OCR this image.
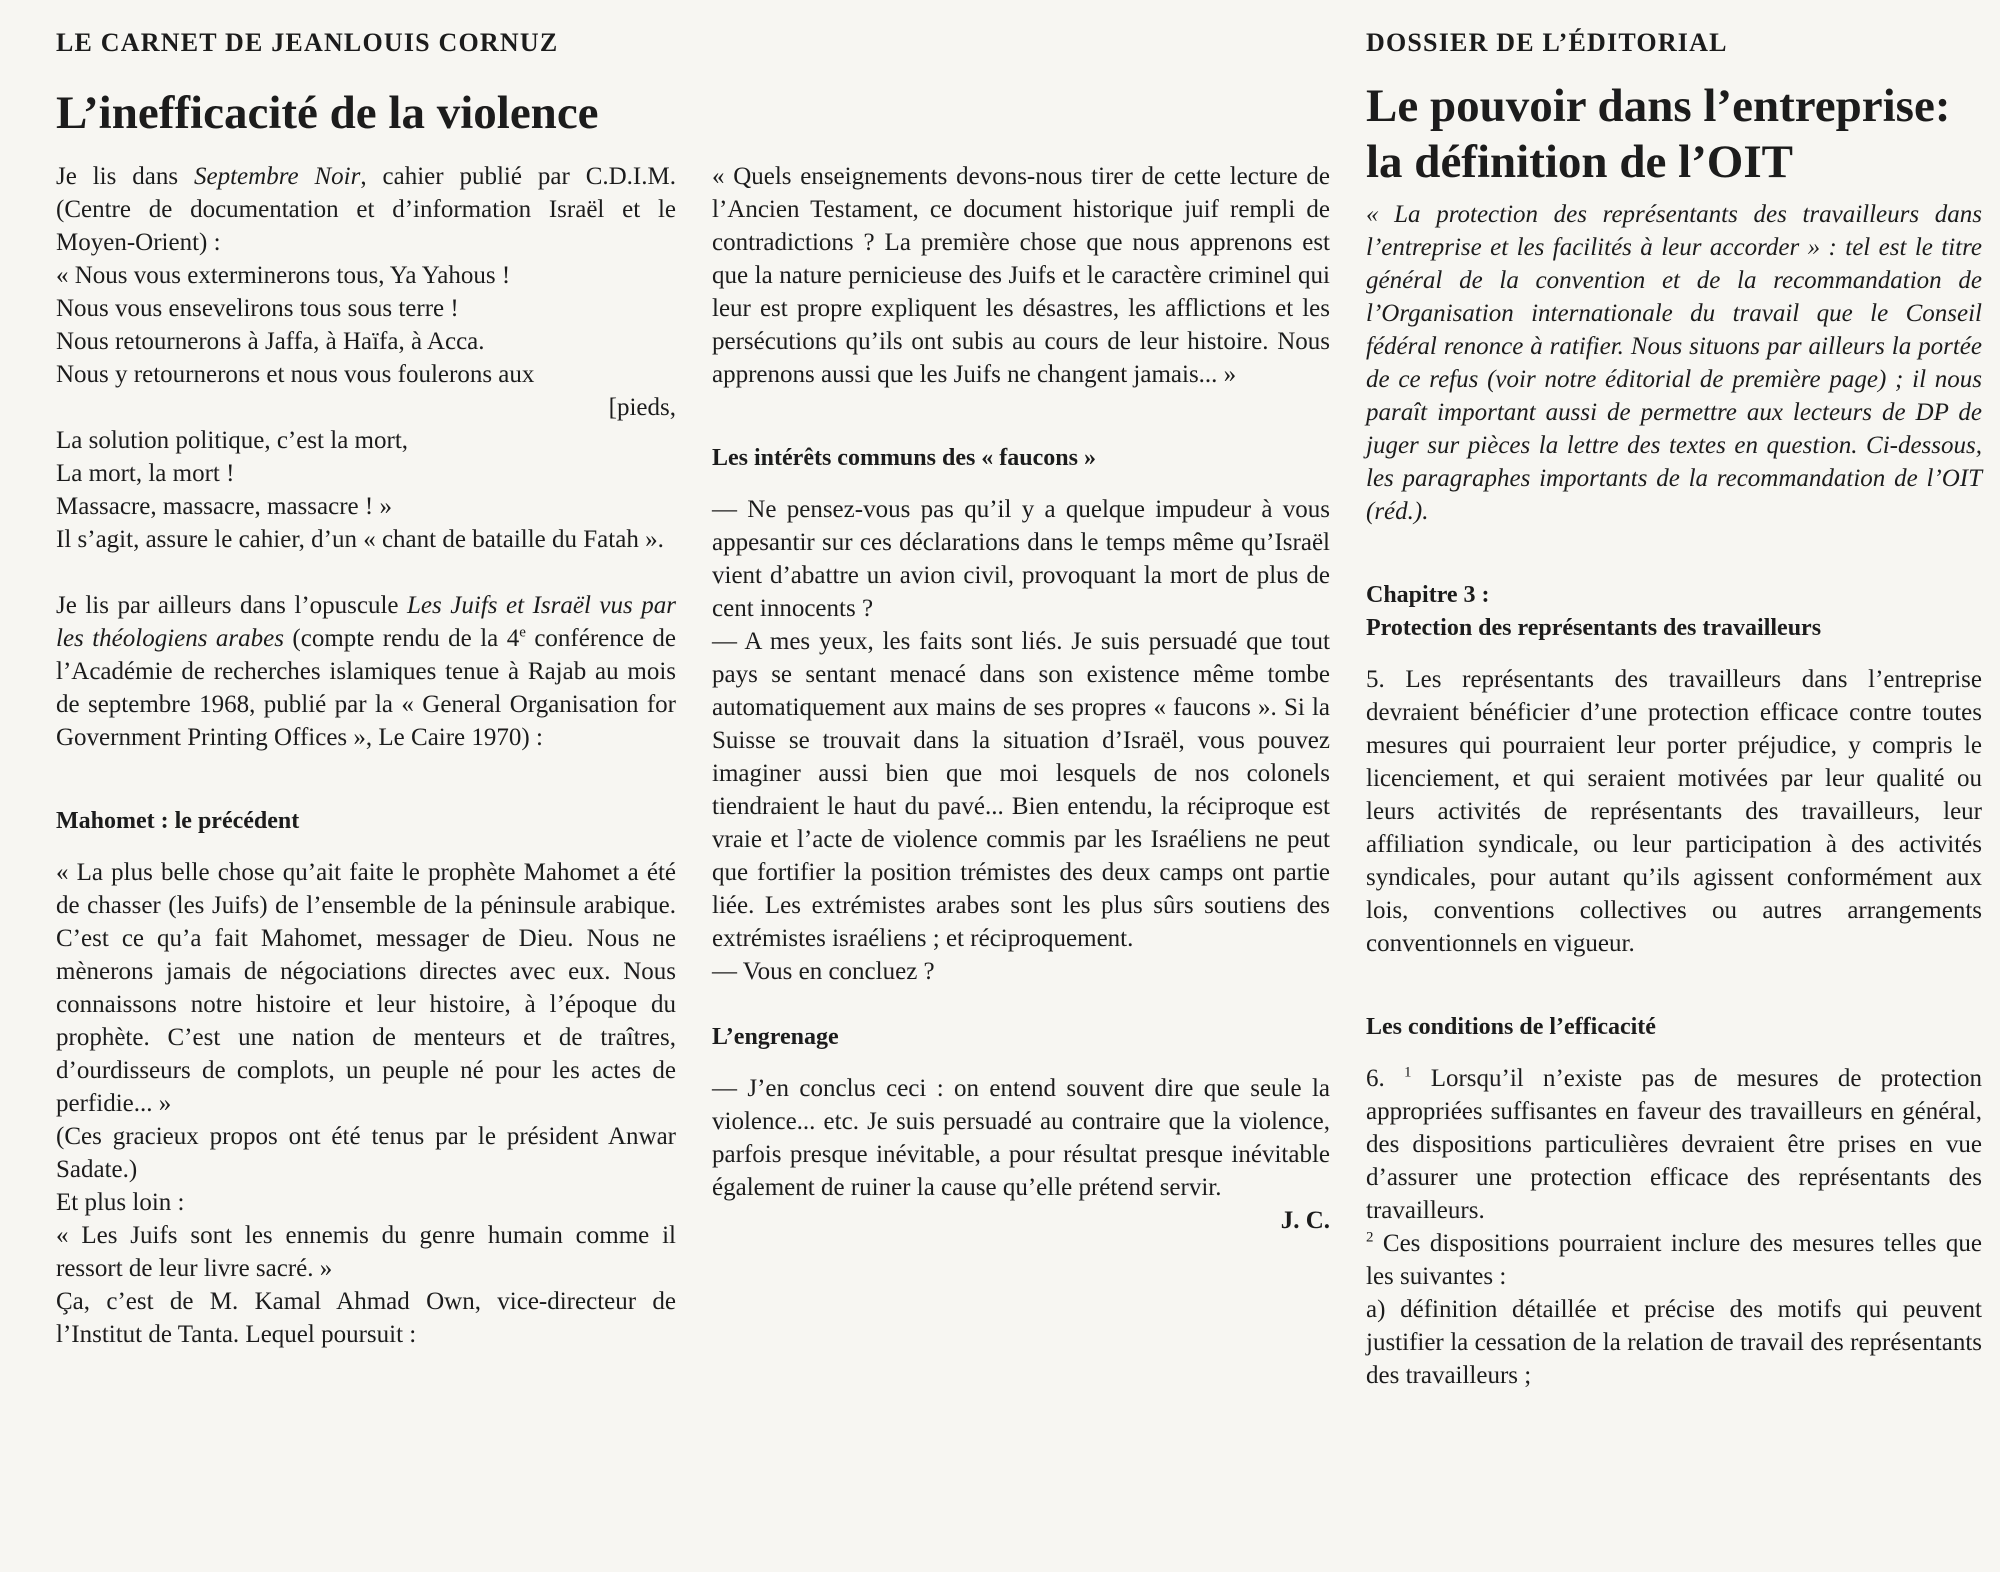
LE CARNET DE JEANLOUIS CORNUZ
L’inefficacité de la violence

Je lis dans Septembre Noir, cahier publié par C.D.I.M. (Centre de documentation et d’information Israël et le Moyen-Orient) :

« Nous vous exterminerons tous, Ya Yahous !
Nous vous ensevelirons tous sous terre !
Nous retournerons à Jaffa, à Haïfa, à Acca.
Nous y retournerons et nous vous foulerons aux
[pieds,
La solution politique, c’est la mort,
La mort, la mort !
Massacre, massacre, massacre ! »

Il s’agit, assure le cahier, d’un « chant de bataille du Fatah ».

Je lis par ailleurs dans l’opuscule Les Juifs et Israël vus par les théologiens arabes (compte rendu de la 4e conférence de l’Académie de recherches islamiques tenue à Rajab au mois de septembre 1968, publié par la « General Organisation for Government Printing Offices », Le Caire 1970) :

Mahomet : le précédent

« La plus belle chose qu’ait faite le prophète Mahomet a été de chasser (les Juifs) de l’ensemble de la péninsule arabique. C’est ce qu’a fait Mahomet, messager de Dieu. Nous ne mènerons jamais de négociations directes avec eux. Nous connaissons notre histoire et leur histoire, à l’époque du prophète. C’est une nation de menteurs et de traîtres, d’ourdisseurs de complots, un peuple né pour les actes de perfidie... »

(Ces gracieux propos ont été tenus par le président Anwar Sadate.)

Et plus loin :

« Les Juifs sont les ennemis du genre humain comme il ressort de leur livre sacré. »

Ça, c’est de M. Kamal Ahmad Own, vice-directeur de l’Institut de Tanta. Lequel poursuit :

« Quels enseignements devons-nous tirer de cette lecture de l’Ancien Testament, ce document historique juif rempli de contradictions ? La première chose que nous apprenons est que la nature pernicieuse des Juifs et le caractère criminel qui leur est propre expliquent les désastres, les afflictions et les persécutions qu’ils ont subis au cours de leur histoire. Nous apprenons aussi que les Juifs ne changent jamais... »

Les intérêts communs des « faucons »

— Ne pensez-vous pas qu’il y a quelque impudeur à vous appesantir sur ces déclarations dans le temps même qu’Israël vient d’abattre un avion civil, provoquant la mort de plus de cent innocents ?

— A mes yeux, les faits sont liés. Je suis persuadé que tout pays se sentant menacé dans son existence même tombe automatiquement aux mains de ses propres « faucons ». Si la Suisse se trouvait dans la situation d’Israël, vous pouvez imaginer aussi bien que moi lesquels de nos colonels tiendraient le haut du pavé... Bien entendu, la réciproque est vraie et l’acte de violence commis par les Israéliens ne peut que fortifier la position trémistes des deux camps ont partie liée. Les extrémistes arabes sont les plus sûrs soutiens des extrémistes israéliens ; et réciproquement.

— Vous en concluez ?

L’engrenage

— J’en conclus ceci : on entend souvent dire que seule la violence... etc. Je suis persuadé au contraire que la violence, parfois presque inévitable, a pour résultat presque inévitable également de ruiner la cause qu’elle prétend servir.

J. C.

DOSSIER DE L’ÉDITORIAL
Le pouvoir dans l’entreprise:
la définition de l’OIT

« La protection des représentants des travailleurs dans l’entreprise et les facilités à leur accorder » : tel est le titre général de la convention et de la recommandation de l’Organisation internationale du travail que le Conseil fédéral renonce à ratifier. Nous situons par ailleurs la portée de ce refus (voir notre éditorial de première page) ; il nous paraît important aussi de permettre aux lecteurs de DP de juger sur pièces la lettre des textes en question. Ci-dessous, les paragraphes importants de la recommandation de l’OIT (réd.).

Chapitre 3 :
Protection des représentants des travailleurs

5. Les représentants des travailleurs dans l’entreprise devraient bénéficier d’une protection efficace contre toutes mesures qui pourraient leur porter préjudice, y compris le licenciement, et qui seraient motivées par leur qualité ou leurs activités de représentants des travailleurs, leur affiliation syndicale, ou leur participation à des activités syndicales, pour autant qu’ils agissent conformément aux lois, conventions collectives ou autres arrangements conventionnels en vigueur.

Les conditions de l’efficacité

6. $^1$ Lorsqu’il n’existe pas de mesures de protection appropriées suffisantes en faveur des travailleurs en général, des dispositions particulières devraient être prises en vue d’assurer une protection efficace des représentants des travailleurs.

$^2$ Ces dispositions pourraient inclure des mesures telles que les suivantes :

a) définition détaillée et précise des motifs qui peuvent justifier la cessation de la relation de travail des représentants des travailleurs ;
